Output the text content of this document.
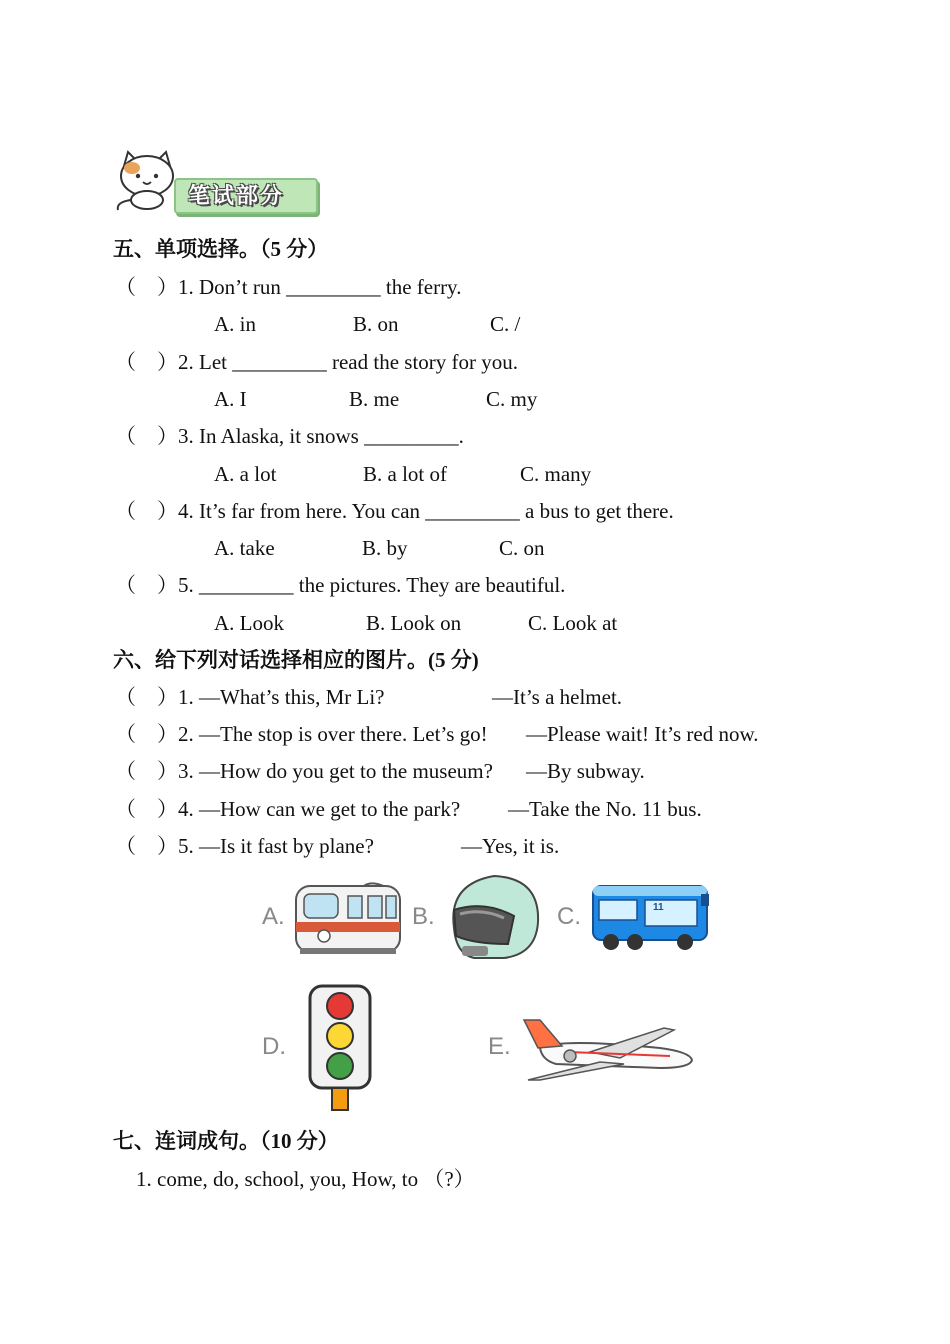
笔试部分
五、单项选择。（5 分）
（　）1. Don’t run _________ the ferry.
A. in	B. on	C. /
（　）2. Let _________ read the story for you.
A. I	B. me	C. my
（　）3. In Alaska, it snows _________.
A. a lot	B. a lot of	C. many
（　）4. It’s far from here. You can _________ a bus to get there.
A. take	B. by	C. on
（　）5. _________ the pictures. They are beautiful.
A. Look	B. Look on	C. Look at
六、给下列对话选择相应的图片。(5 分)
（　）1. —What’s this, Mr Li?	—It’s a helmet.
（　）2. —The stop is over there. Let’s go! —Please wait! It’s red now.
（　）3. —How do you get to the museum? —By subway.
（　）4. —How can we get to the park? —Take the No. 11 bus.
（　）5. —Is it fast by plane?	—Yes, it is.
A.	B.	C.	11
D.	E.
七、连词成句。（10 分）
1. come, do, school, you, How, to （?）
